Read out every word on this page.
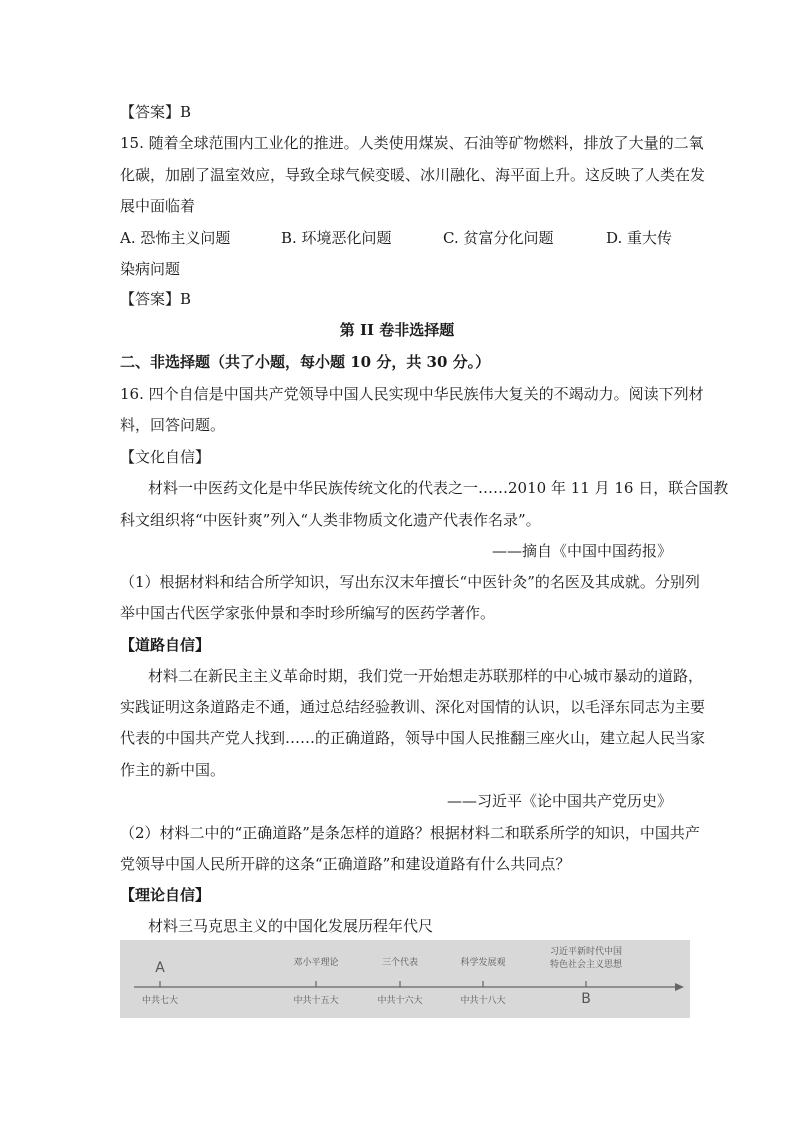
【答案】B
15. 随着全球范围内工业化的推进。人类使用煤炭、石油等矿物燃料，排放了大量的二氧
化碳，加剧了温室效应，导致全球气候变暖、冰川融化、海平面上升。这反映了人类在发
展中面临着
A. 恐怖主义问题	B. 环境恶化问题	C. 贫富分化问题	D. 重大传
染病问题
【答案】B
第 II 卷非选择题
二、非选择题（共了小题，每小题 10 分，共 30 分。）
16. 四个自信是中国共产党领导中国人民实现中华民族伟大复关的不竭动力。阅读下列材
料，回答问题。
【文化自信】
材料一中医药文化是中华民族传统文化的代表之一……2010 年 11 月 16 日，联合国教
科文组织将“中医针爽”列入“人类非物质文化遗产代表作名录”。
——摘自《中国中国药报》
（1）根据材料和结合所学知识，写出东汉末年擅长“中医针灸”的名医及其成就。分别列
举中国古代医学家张仲景和李时珍所编写的医药学著作。
【道路自信】
材料二在新民主主义革命时期，我们党一开始想走苏联那样的中心城市暴动的道路，
实践证明这条道路走不通，通过总结经验教训、深化对国情的认识，以毛泽东同志为主要
代表的中国共产党人找到……的正确道路，领导中国人民推翻三座火山，建立起人民当家
作主的新中国。
——习近平《论中国共产党历史》
（2）材料二中的“正确道路”是条怎样的道路？根据材料二和联系所学的知识，中国共产
党领导中国人民所开辟的这条“正确道路”和建设道路有什么共同点？
【理论自信】
材料三马克思主义的中国化发展历程年代尺
A	邓小平理论	三个代表	科学发展观
习近平新时代中国
特色社会主义思想
中共七大	中共十五大	中共十六大	中共十八大	B
